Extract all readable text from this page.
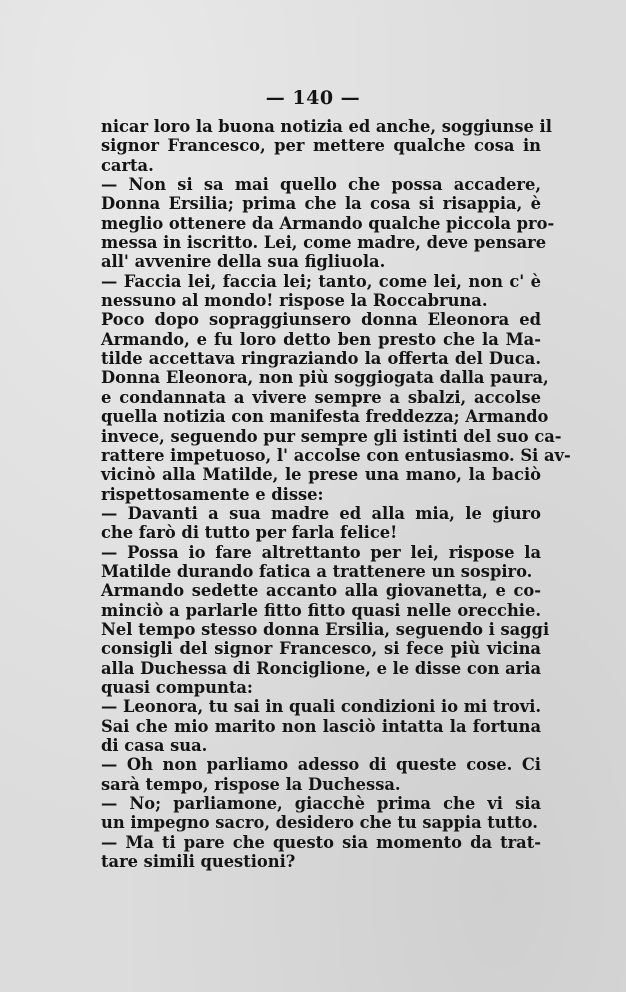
— 140 —
nicar loro la buona notizia ed anche, soggiunse il
signor Francesco, per mettere qualche cosa in
carta.
— Non si sa mai quello che possa accadere,
Donna Ersilia; prima che la cosa si risappia, è
meglio ottenere da Armando qualche piccola pro-
messa in iscritto. Lei, come madre, deve pensare
all' avvenire della sua figliuola.
— Faccia lei, faccia lei; tanto, come lei, non c' è
nessuno al mondo! rispose la Roccabruna.
Poco dopo sopraggiunsero donna Eleonora ed
Armando, e fu loro detto ben presto che la Ma-
tilde accettava ringraziando la offerta del Duca.
Donna Eleonora, non più soggiogata dalla paura,
e condannata a vivere sempre a sbalzi, accolse
quella notizia con manifesta freddezza; Armando
invece, seguendo pur sempre gli istinti del suo ca-
rattere impetuoso, l' accolse con entusiasmo. Si av-
vicinò alla Matilde, le prese una mano, la baciò
rispettosamente e disse:
— Davanti a sua madre ed alla mia, le giuro
che farò di tutto per farla felice!
— Possa io fare altrettanto per lei, rispose la
Matilde durando fatica a trattenere un sospiro.
Armando sedette accanto alla giovanetta, e co-
minciò a parlarle fitto fitto quasi nelle orecchie.
Nel tempo stesso donna Ersilia, seguendo i saggi
consigli del signor Francesco, si fece più vicina
alla Duchessa di Ronciglione, e le disse con aria
quasi compunta:
— Leonora, tu sai in quali condizioni io mi trovi.
Sai che mio marito non lasciò intatta la fortuna
di casa sua.
— Oh non parliamo adesso di queste cose. Ci
sarà tempo, rispose la Duchessa.
— No; parliamone, giacchè prima che vi sia
un impegno sacro, desidero che tu sappia tutto.
— Ma ti pare che questo sia momento da trat-
tare simili questioni?
